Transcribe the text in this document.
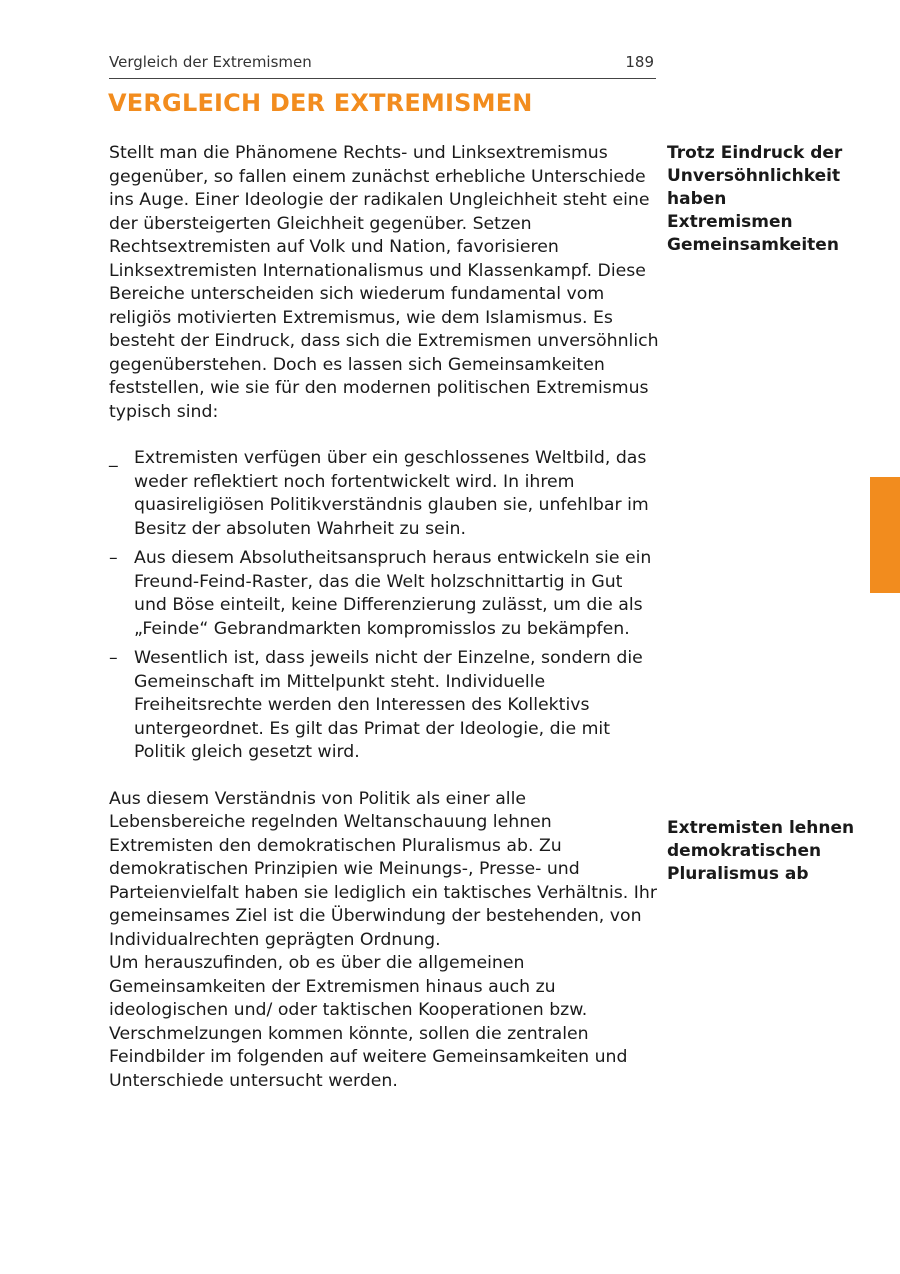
Vergleich der Extremismen	189
VERGLEICH DER EXTREMISMEN
Trotz Eindruck der Unversöhnlichkeit haben Extremismen Gemeinsamkeiten
Extremisten lehnen demokratischen Pluralismus ab

Stellt man die Phänomene Rechts- und Linksextremismus gegenüber, so fallen einem zunächst erhebliche Unterschiede ins Auge. Einer Ideologie der radikalen Ungleichheit steht eine der übersteigerten Gleichheit gegenüber. Setzen Rechtsextremisten auf Volk und Nation, favorisieren Linksextremisten Internationalismus und Klassenkampf. Diese Bereiche unterscheiden sich wiederum fundamental vom religiös motivierten Extremismus, wie dem Islamismus. Es besteht der Eindruck, dass sich die Extremismen unversöhnlich gegenüberstehen. Doch es lassen sich Gemeinsamkeiten feststellen, wie sie für den modernen politischen Extremismus typisch sind:

_ Extremisten verfügen über ein geschlossenes Weltbild, das weder reflektiert noch fortentwickelt wird. In ihrem quasireligiösen Politikverständnis glauben sie, unfehlbar im Besitz der absoluten Wahrheit zu sein.
– Aus diesem Absolutheitsanspruch heraus entwickeln sie ein Freund-Feind-Raster, das die Welt holzschnittartig in Gut und Böse einteilt, keine Differenzierung zulässt, um die als „Feinde“ Gebrandmarkten kompromisslos zu bekämpfen.
– Wesentlich ist, dass jeweils nicht der Einzelne, sondern die Gemeinschaft im Mittelpunkt steht. Individuelle Freiheitsrechte werden den Interessen des Kollektivs untergeordnet. Es gilt das Primat der Ideologie, die mit Politik gleich gesetzt wird.

Aus diesem Verständnis von Politik als einer alle Lebensbereiche regelnden Weltanschauung lehnen Extremisten den demokratischen Pluralismus ab. Zu demokratischen Prinzipien wie Meinungs-, Presse- und Parteienvielfalt haben sie lediglich ein taktisches Verhältnis. Ihr gemeinsames Ziel ist die Überwindung der bestehenden, von Individualrechten geprägten Ordnung.

Um herauszufinden, ob es über die allgemeinen Gemeinsamkeiten der Extremismen hinaus auch zu ideologischen und/ oder taktischen Kooperationen bzw. Verschmelzungen kommen könnte, sollen die zentralen Feindbilder im folgenden auf weitere Gemeinsamkeiten und Unterschiede untersucht werden.
